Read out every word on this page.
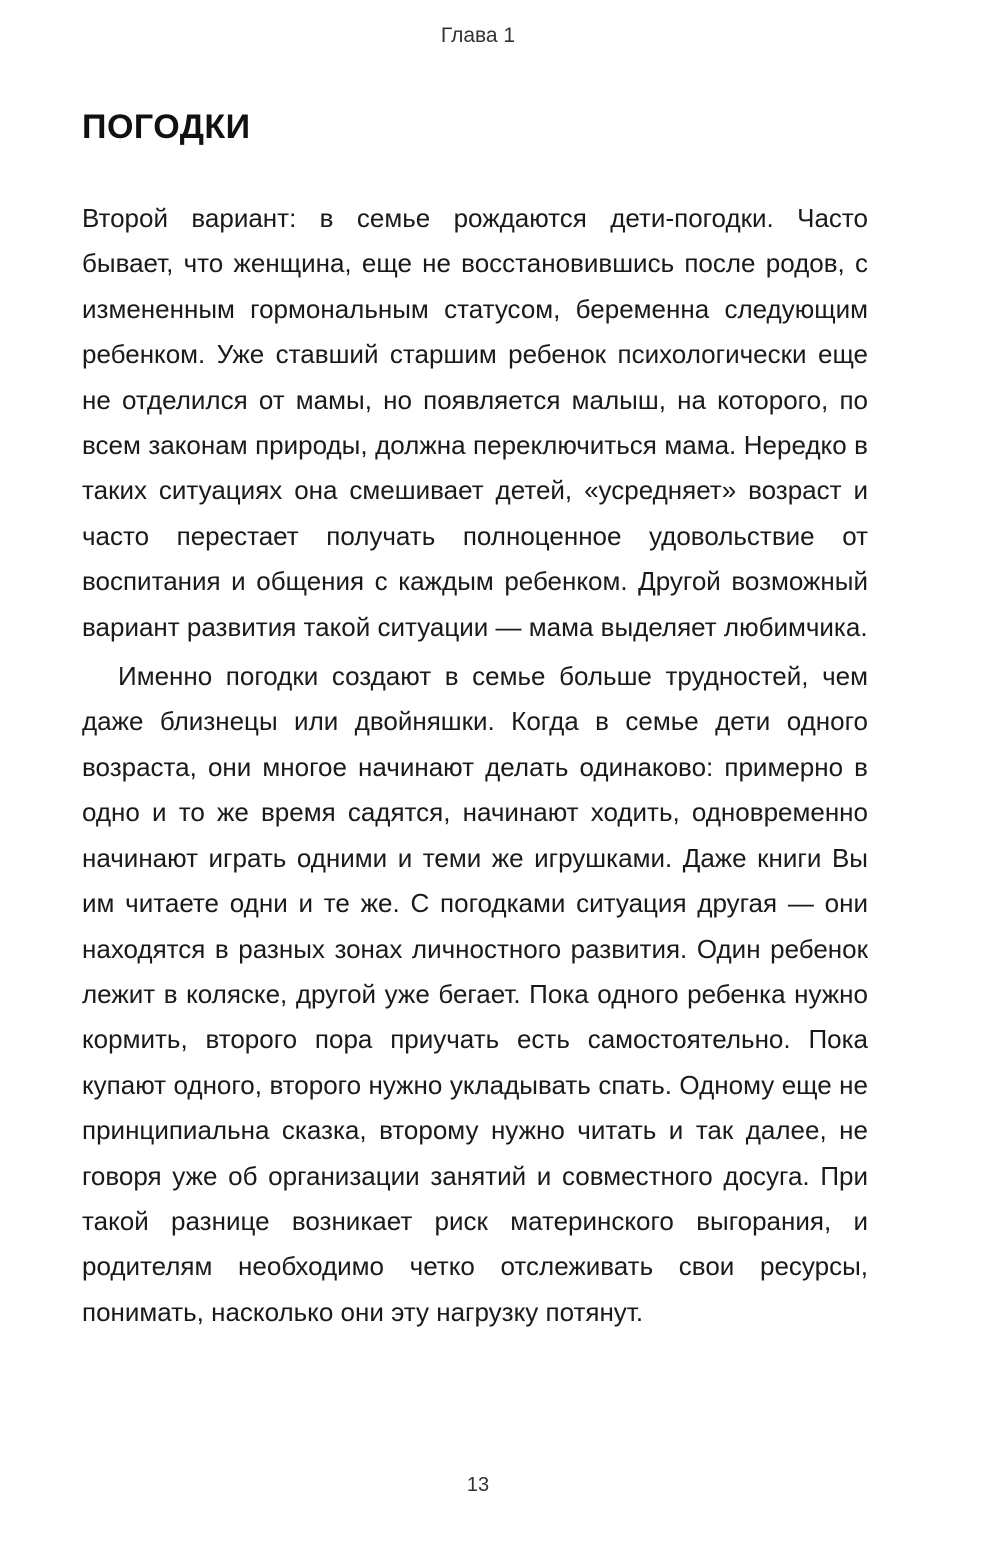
Глава 1
ПОГОДКИ

Второй вариант: в семье рождаются дети-погодки. Часто бывает, что женщина, еще не восстановившись после родов, с измененным гормональным статусом, беременна следующим ребенком. Уже ставший старшим ребенок психологически еще не отделился от мамы, но появляется малыш, на которого, по всем законам природы, должна переключиться мама. Нередко в таких ситуациях она смешивает детей, «усредняет» возраст и часто перестает получать полноценное удовольствие от воспитания и общения с каждым ребенком. Другой возможный вариант развития такой ситуации — мама выделяет любимчика.

Именно погодки создают в семье больше трудностей, чем даже близнецы или двойняшки. Когда в семье дети одного возраста, они многое начинают делать одинаково: примерно в одно и то же время садятся, начинают ходить, одновременно начинают играть одними и теми же игрушками. Даже книги Вы им читаете одни и те же. С погодками ситуация другая — они находятся в разных зонах личностного развития. Один ребенок лежит в коляске, другой уже бегает. Пока одного ребенка нужно кормить, второго пора приучать есть самостоятельно. Пока купают одного, второго нужно укладывать спать. Одному еще не принципиальна сказка, второму нужно читать и так далее, не говоря уже об организации занятий и совместного досуга. При такой разнице возникает риск материнского выгорания, и родителям необходимо четко отслеживать свои ресурсы, понимать, насколько они эту нагрузку потянут.

13
